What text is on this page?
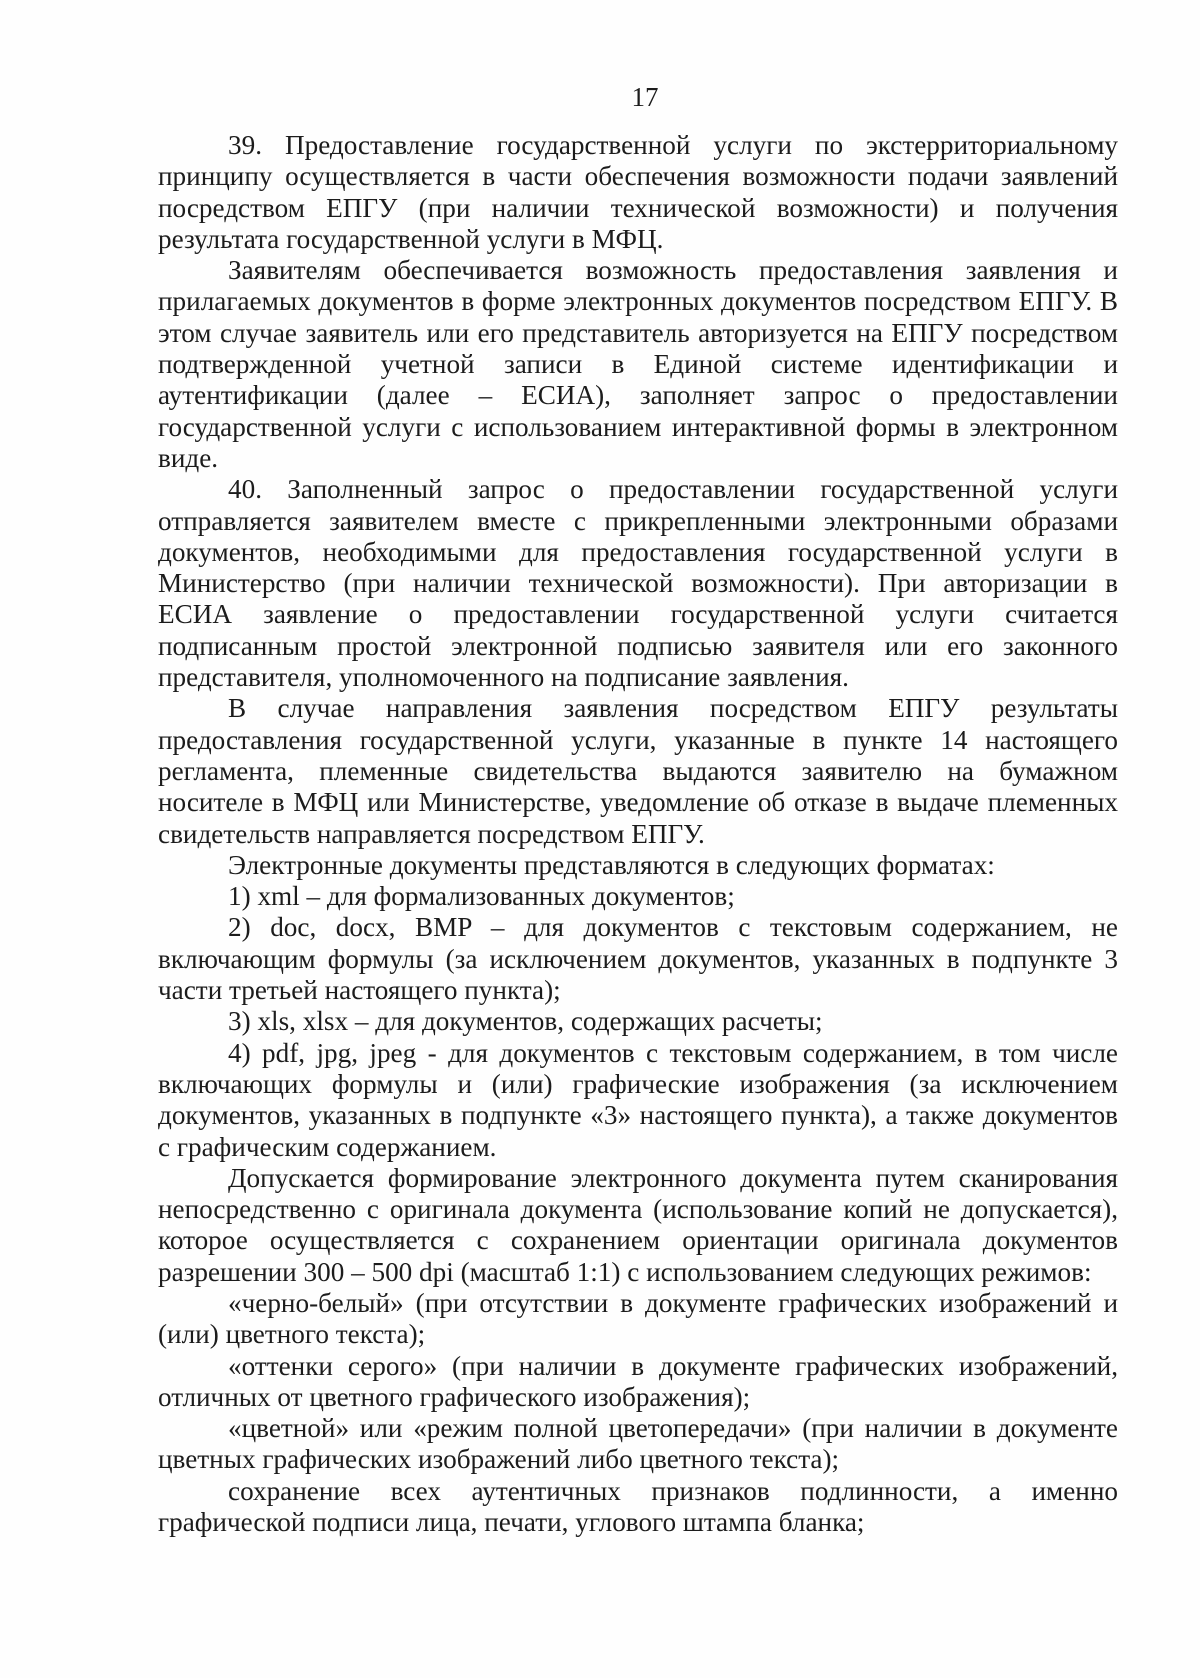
17

39. Предоставление государственной услуги по экстерриториальному принципу осуществляется в части обеспечения возможности подачи заявлений посредством ЕПГУ (при наличии технической возможности) и получения результата государственной услуги в МФЦ.

Заявителям обеспечивается возможность предоставления заявления и прилагаемых документов в форме электронных документов посредством ЕПГУ. В этом случае заявитель или его представитель авторизуется на ЕПГУ посредством подтвержденной учетной записи в Единой системе идентификации и аутентификации (далее – ЕСИА), заполняет запрос о предоставлении государственной услуги с использованием интерактивной формы в электронном виде.

40. Заполненный запрос о предоставлении государственной услуги отправляется заявителем вместе с прикрепленными электронными образами документов, необходимыми для предоставления государственной услуги в Министерство (при наличии технической возможности). При авторизации в ЕСИА заявление о предоставлении государственной услуги считается подписанным простой электронной подписью заявителя или его законного представителя, уполномоченного на подписание заявления.

В случае направления заявления посредством ЕПГУ результаты предоставления государственной услуги, указанные в пункте 14 настоящего регламента, племенные свидетельства выдаются заявителю на бумажном носителе в МФЦ или Министерстве, уведомление об отказе в выдаче племенных свидетельств направляется посредством ЕПГУ.

Электронные документы представляются в следующих форматах:

1) xml – для формализованных документов;

2) doc, docx, BMP – для документов с текстовым содержанием, не включающим формулы (за исключением документов, указанных в подпункте 3 части третьей настоящего пункта);

3) xls, xlsx – для документов, содержащих расчеты;

4) pdf, jpg, jpeg - для документов с текстовым содержанием, в том числе включающих формулы и (или) графические изображения (за исключением документов, указанных в подпункте «3» настоящего пункта), а также документов с графическим содержанием.

Допускается формирование электронного документа путем сканирования непосредственно с оригинала документа (использование копий не допускается), которое осуществляется с сохранением ориентации оригинала документов разрешении 300 – 500 dpi (масштаб 1:1) с использованием следующих режимов:

«черно-белый» (при отсутствии в документе графических изображений и (или) цветного текста);

«оттенки серого» (при наличии в документе графических изображений, отличных от цветного графического изображения);

«цветной» или «режим полной цветопередачи» (при наличии в документе цветных графических изображений либо цветного текста);

сохранение всех аутентичных признаков подлинности, а именно графической подписи лица, печати, углового штампа бланка;
